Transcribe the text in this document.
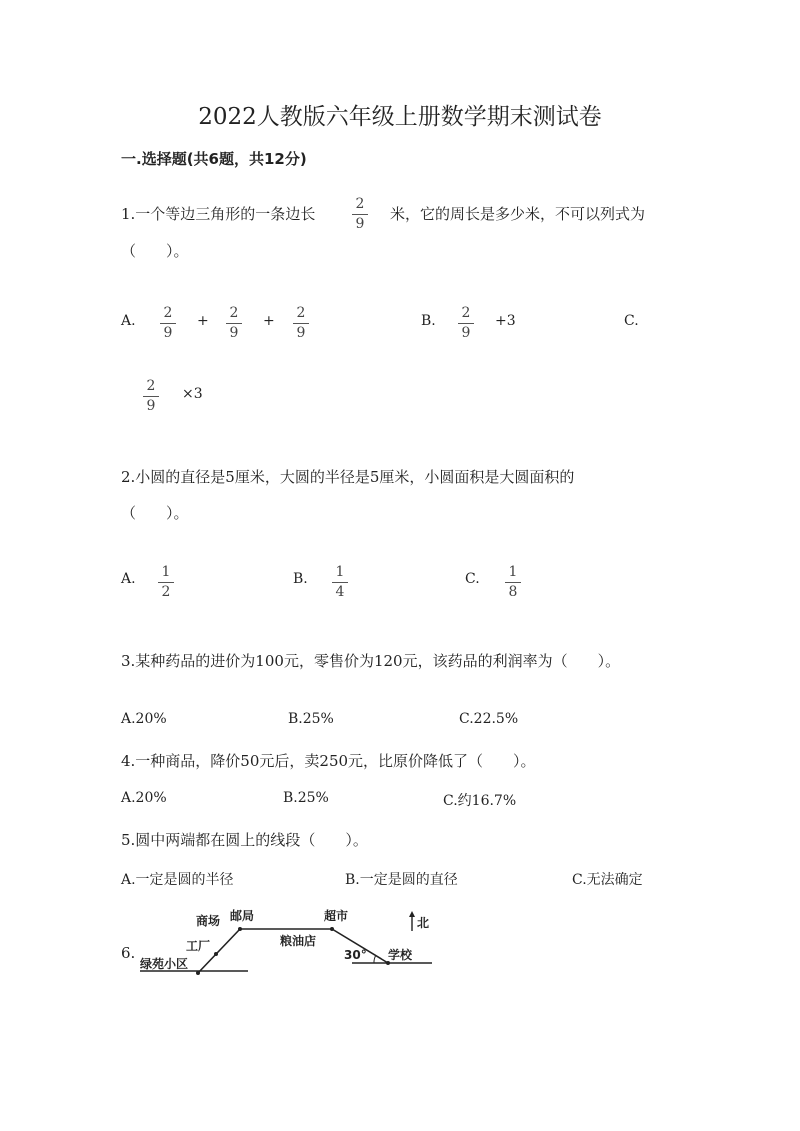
2022人教版六年级上册数学期末测试卷
一.选择题(共6题，共12分)
1.一个等边三角形的一条边长
2
9
米，它的周长是多少米，不可以列式为
（　　）。
A.	2
9
+	2
9
+	2
9
B.	2
9
+3	C.
2
9
×3
2.小圆的直径是5厘米，大圆的半径是5厘米，小圆面积是大圆面积的
（　　）。
A.	1
2
B.	1
4
C.	1
8
3.某种药品的进价为100元，零售价为120元，该药品的利润率为（　　）。
A.20%	B.25%	C.22.5%
4.一种商品，降价50元后，卖250元，比原价降低了（　　）。
A.20%	B.25%	C.约16.7%
5.圆中两端都在圆上的线段（　　）。
A.一定是圆的半径	B.一定是圆的直径	C.无法确定
6.
商场 邮局	超市	北
工厂	粮油店
30° 学校
绿苑小区
